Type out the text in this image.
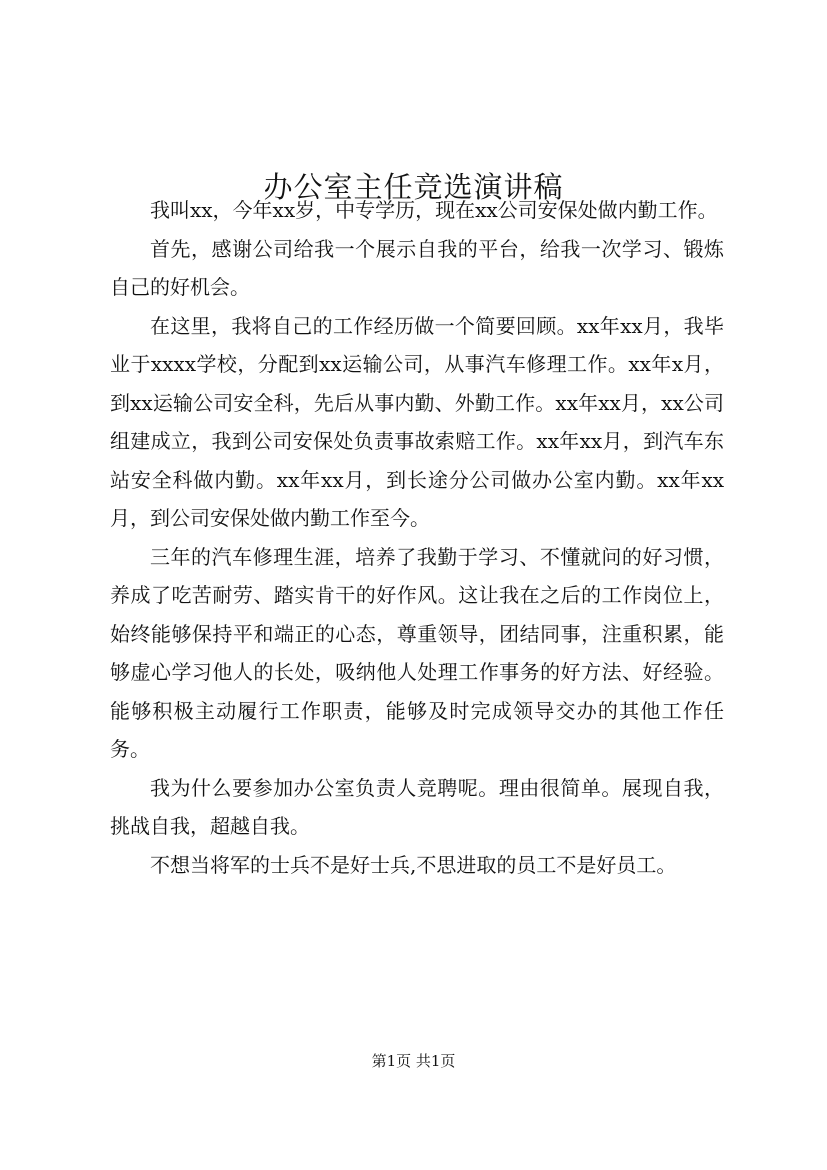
办公室主任竞选演讲稿

我叫xx，今年xx岁，中专学历，现在xx公司安保处做内勤工作。

首先，感谢公司给我一个展示自我的平台，给我一次学习、锻炼自己的好机会。

在这里，我将自己的工作经历做一个简要回顾。xx年xx月，我毕业于xxxx学校，分配到xx运输公司，从事汽车修理工作。xx年x月，到xx运输公司安全科，先后从事内勤、外勤工作。xx年xx月，xx公司组建成立，我到公司安保处负责事故索赔工作。xx年xx月，到汽车东站安全科做内勤。xx年xx月，到长途分公司做办公室内勤。xx年xx月，到公司安保处做内勤工作至今。

三年的汽车修理生涯，培养了我勤于学习、不懂就问的好习惯，养成了吃苦耐劳、踏实肯干的好作风。这让我在之后的工作岗位上，始终能够保持平和端正的心态，尊重领导，团结同事，注重积累，能够虚心学习他人的长处，吸纳他人处理工作事务的好方法、好经验。能够积极主动履行工作职责，能够及时完成领导交办的其他工作任务。

我为什么要参加办公室负责人竞聘呢。理由很简单。展现自我，挑战自我，超越自我。

不想当将军的士兵不是好士兵,不思进取的员工不是好员工。

第1页 共1页
